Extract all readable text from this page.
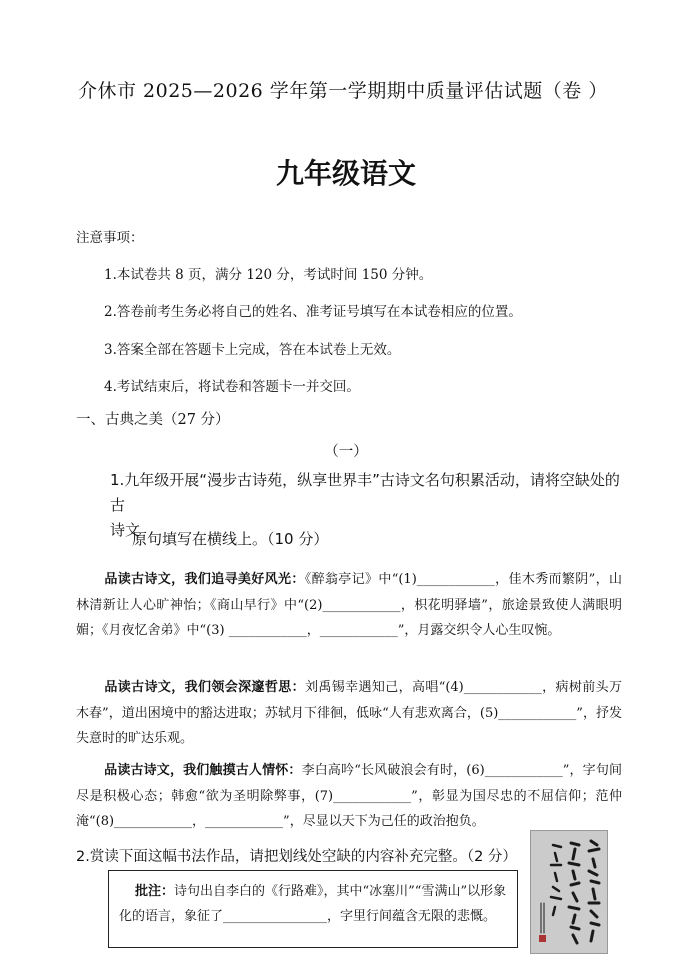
介休市 2025—2026 学年第一学期期中质量评估试题（卷 ）
九年级语文
注意事项：
1.本试卷共 8 页，满分 120 分，考试时间 150 分钟。
2.答卷前考生务必将自己的姓名、准考证号填写在本试卷相应的位置。
3.答案全部在答题卡上完成，答在本试卷上无效。
4.考试结束后，将试卷和答题卡一并交回。
一、古典之美（27 分）
（一）
1.九年级开展“漫步古诗苑，纵享世界丰”古诗文名句积累活动，请将空缺处的古
诗文
原句填写在横线上。（10 分）
品读古诗文，我们追寻美好风光：《醉翁亭记》中“(1)____________，佳木秀而繁阴”，山林清新让人心旷神怡；《商山早行》中“(2)____________，枳花明驿墙”，旅途景致使人满眼明媚；《月夜忆舍弟》中“(3) ____________，____________”，月露交织令人心生叹惋。
品读古诗文，我们领会深邃哲思：刘禹锡幸遇知己，高唱“(4)____________，病树前头万木春”，道出困境中的豁达进取；苏轼月下徘徊，低咏“人有悲欢离合，(5)____________”，抒发失意时的旷达乐观。
品读古诗文，我们触摸古人情怀：李白高吟“长风破浪会有时，(6)____________”，字句间尽是积极心态；韩愈“欲为圣明除弊事，(7)____________”，彰显为国尽忠的不屈信仰；范仲淹“(8)____________，____________”，尽显以天下为己任的政治抱负。
2.赏读下面这幅书法作品，请把划线处空缺的内容补充完整。（2 分）
批注：诗句出自李白的《行路难》，其中“冰塞川”“雪满山”以形象化的语言，象征了________________，字里行间蕴含无限的悲慨。
